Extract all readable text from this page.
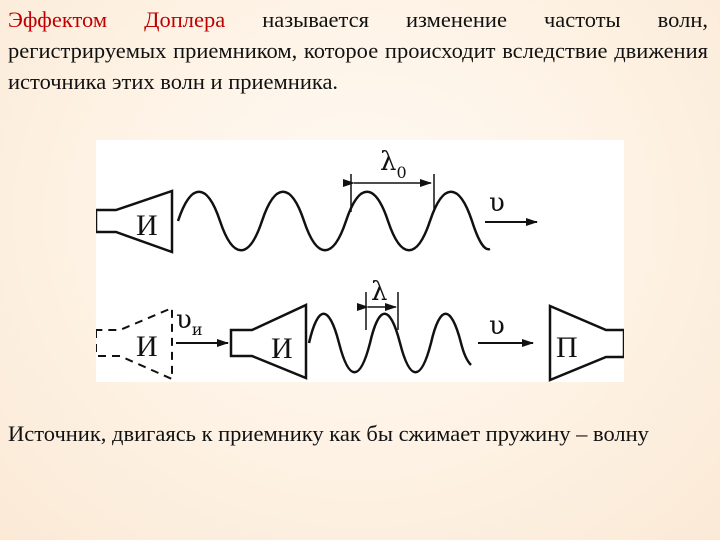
Эффектом Доплера называется изменение частоты волн, регистрируемых приемником, которое происходит вследствие движения источника этих волн и приемника.

И
$\lambda_0$
υ
И
$\upsilon_и$
И
λ
υ
П

Источник, двигаясь к приемнику как бы сжимает пружину – волну
